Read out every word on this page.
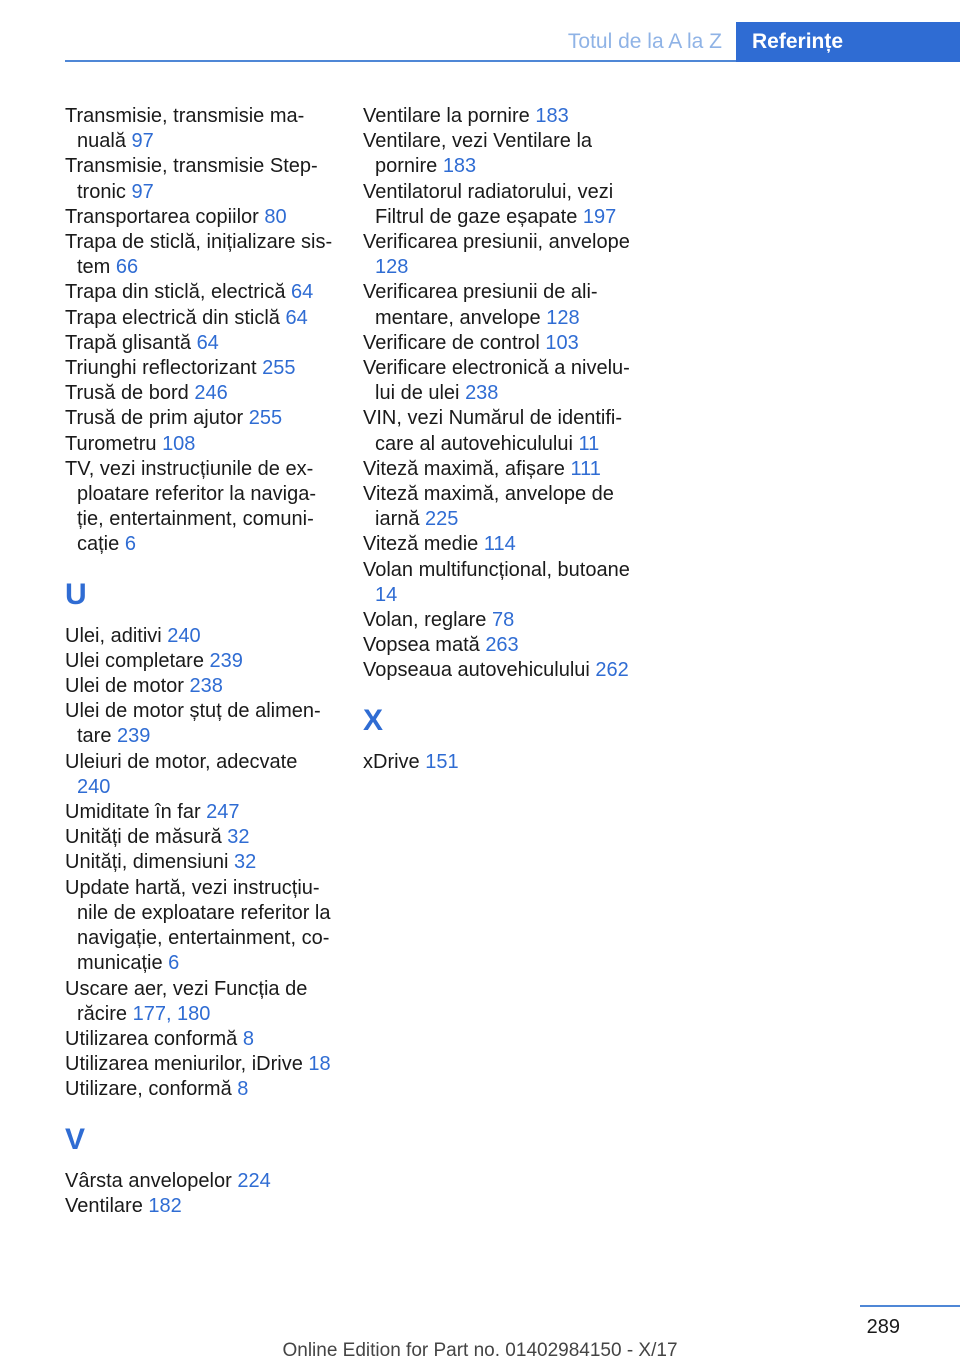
Totul de la A la Z	Referințe

Transmisie, transmisie manuală 97

Transmisie, transmisie Steptronic 97

Transportarea copiilor 80

Trapa de sticlă, inițializare sistem 66

Trapa din sticlă, electrică 64

Trapa electrică din sticlă 64

Trapă glisantă 64

Triunghi reflectorizant 255

Trusă de bord 246

Trusă de prim ajutor 255

Turometru 108

TV, vezi instrucțiunile de exploatare referitor la navigație, entertainment, comunicație 6

U

Ulei, aditivi 240

Ulei completare 239

Ulei de motor 238

Ulei de motor ștuț de alimentare 239

Uleiuri de motor, adecvate 240

Umiditate în far 247

Unități de măsură 32

Unități, dimensiuni 32

Update hartă, vezi instrucțiunile de exploatare referitor la navigație, entertainment, comunicație 6

Uscare aer, vezi Funcția de răcire 177, 180

Utilizarea conformă 8

Utilizarea meniurilor, iDrive 18

Utilizare, conformă 8

V

Vârsta anvelopelor 224

Ventilare 182

Ventilare la pornire 183

Ventilare, vezi Ventilare la pornire 183

Ventilatorul radiatorului, vezi Filtrul de gaze eșapate 197

Verificarea presiunii, anvelope 128

Verificarea presiunii de alimentare, anvelope 128

Verificare de control 103

Verificare electronică a nivelului de ulei 238

VIN, vezi Numărul de identificare al autovehiculului 11

Viteză maximă, afișare 111

Viteză maximă, anvelope de iarnă 225

Viteză medie 114

Volan multifuncțional, butoane 14

Volan, reglare 78

Vopsea mată 263

Vopseaua autovehiculului 262

X

xDrive 151

289
Online Edition for Part no. 01402984150 - X/17
